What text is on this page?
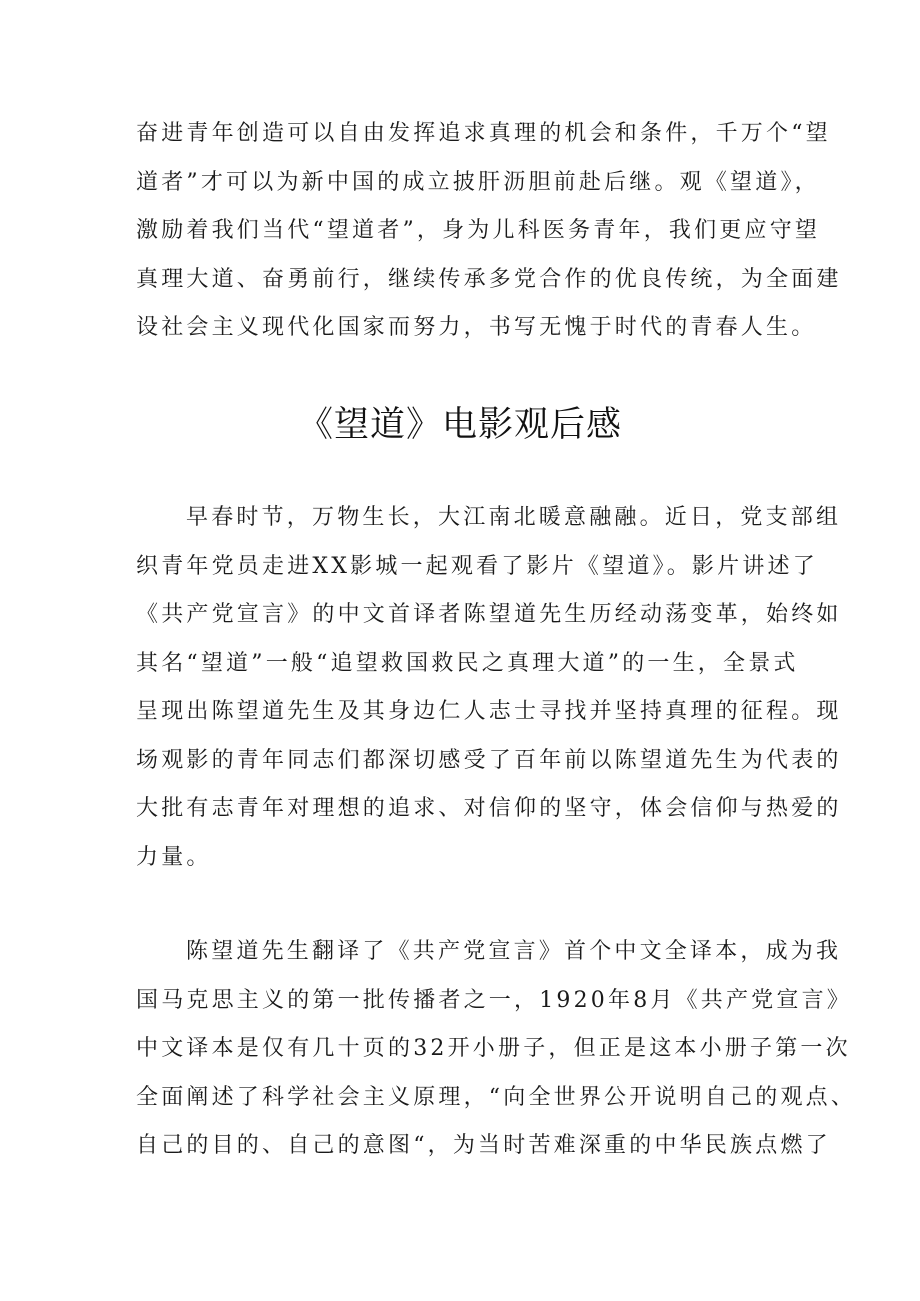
奋进青年创造可以自由发挥追求真理的机会和条件，千万个“望
道者”才可以为新中国的成立披肝沥胆前赴后继。观《望道》，
激励着我们当代“望道者”，身为儿科医务青年，我们更应守望
真理大道、奋勇前行，继续传承多党合作的优良传统，为全面建
设社会主义现代化国家而努力，书写无愧于时代的青春人生。

《望道》电影观后感

早春时节，万物生长，大江南北暖意融融。近日，党支部组
织青年党员走进XX影城一起观看了影片《望道》。影片讲述了
《共产党宣言》的中文首译者陈望道先生历经动荡变革，始终如
其名“望道”一般“追望救国救民之真理大道”的一生，全景式
呈现出陈望道先生及其身边仁人志士寻找并坚持真理的征程。现
场观影的青年同志们都深切感受了百年前以陈望道先生为代表的
大批有志青年对理想的追求、对信仰的坚守，体会信仰与热爱的
力量。

陈望道先生翻译了《共产党宣言》首个中文全译本，成为我
国马克思主义的第一批传播者之一，1920年8月《共产党宣言》
中文译本是仅有几十页的32开小册子，但正是这本小册子第一次
全面阐述了科学社会主义原理，“向全世界公开说明自己的观点、
自己的目的、自己的意图“，为当时苦难深重的中华民族点燃了
